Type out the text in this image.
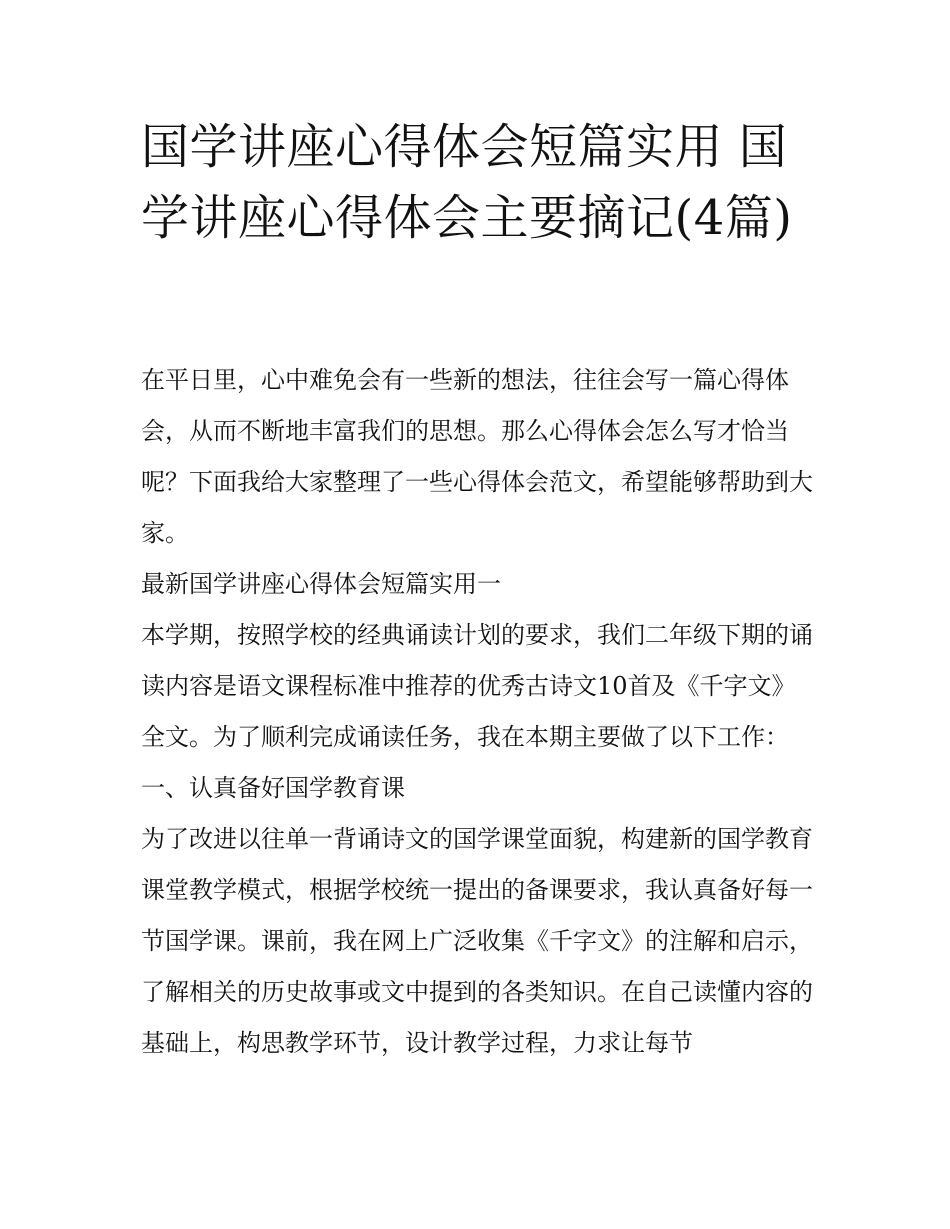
国学讲座心得体会短篇实用 国学讲座心得体会主要摘记(4篇)

在平日里，心中难免会有一些新的想法，往往会写一篇心得体会，从而不断地丰富我们的思想。那么心得体会怎么写才恰当呢？下面我给大家整理了一些心得体会范文，希望能够帮助到大家。

最新国学讲座心得体会短篇实用一

本学期，按照学校的经典诵读计划的要求，我们二年级下期的诵读内容是语文课程标准中推荐的优秀古诗文10首及《千字文》全文。为了顺利完成诵读任务，我在本期主要做了以下工作：

一、认真备好国学教育课

为了改进以往单一背诵诗文的国学课堂面貌，构建新的国学教育课堂教学模式，根据学校统一提出的备课要求，我认真备好每一节国学课。课前，我在网上广泛收集《千字文》的注解和启示，了解相关的历史故事或文中提到的各类知识。在自己读懂内容的基础上，构思教学环节，设计教学过程，力求让每节
